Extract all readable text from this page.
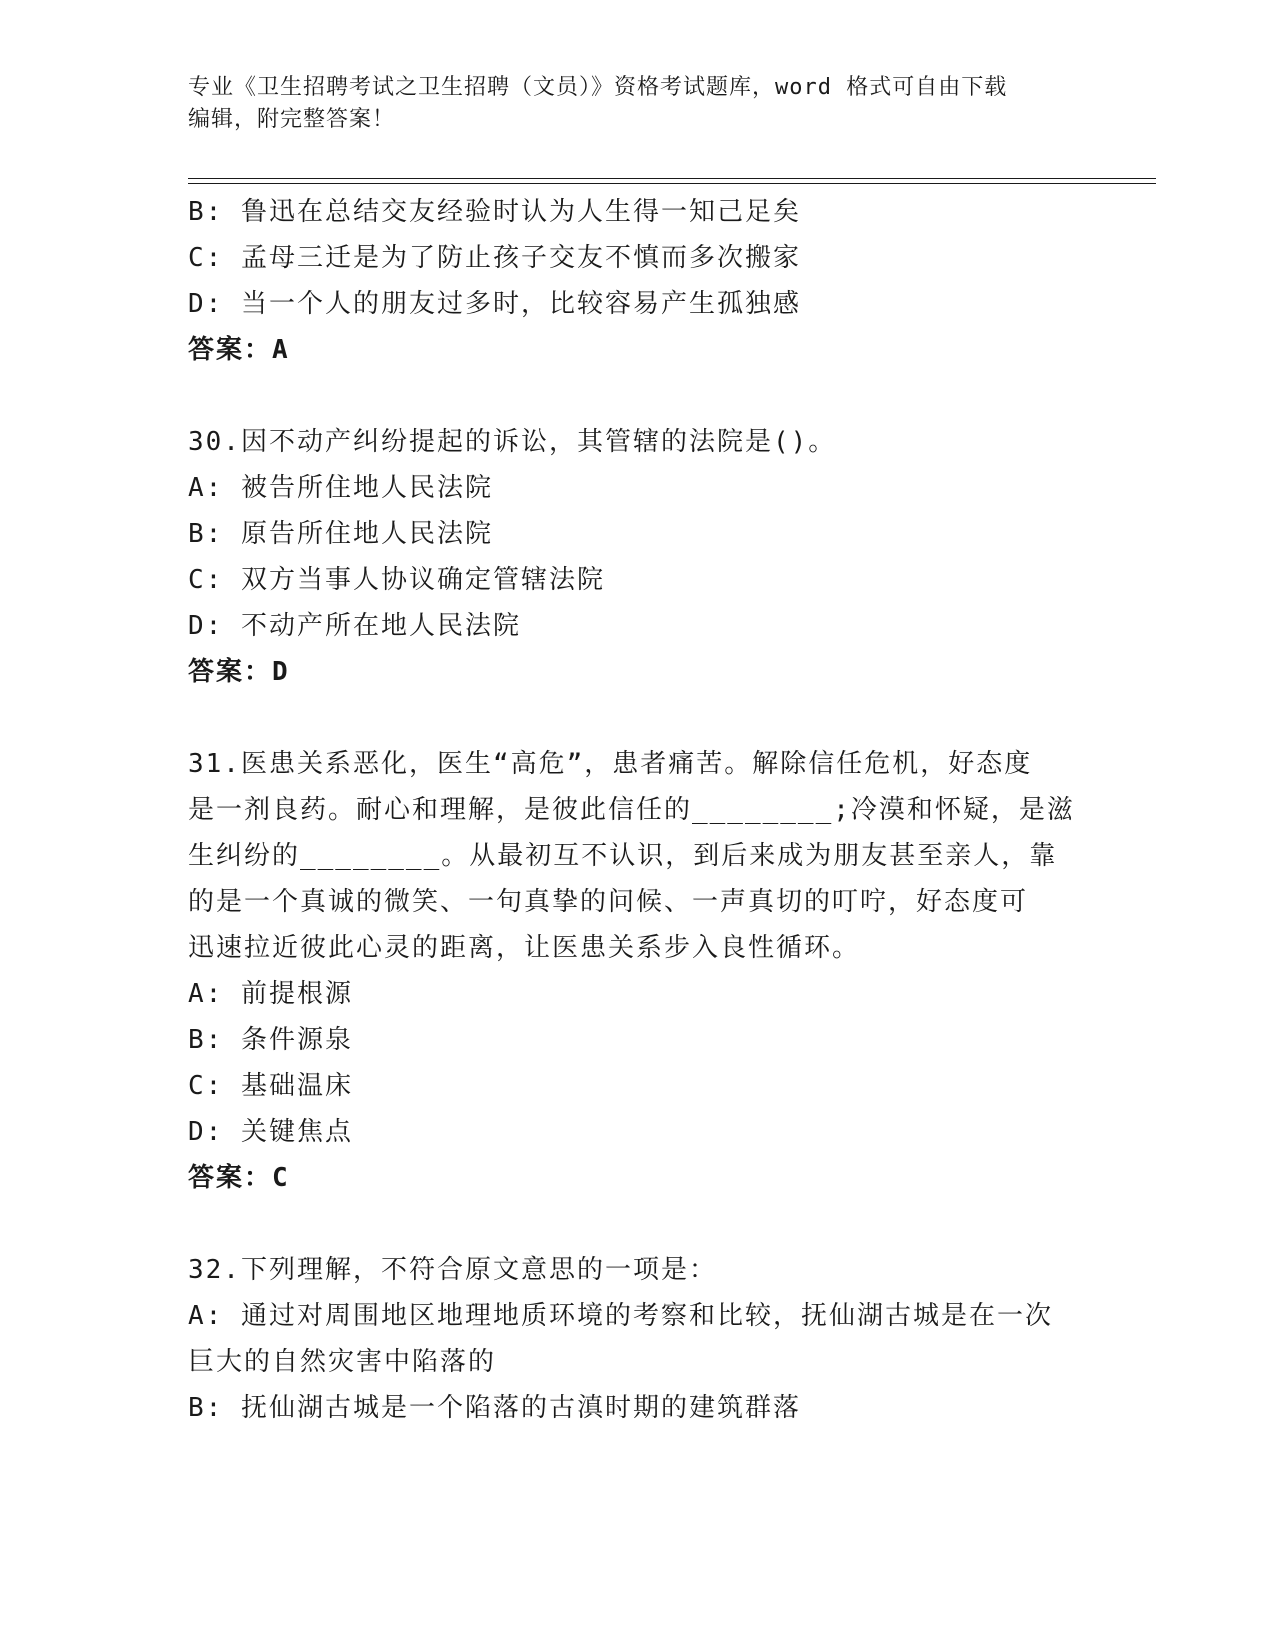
专业《卫生招聘考试之卫生招聘（文员）》资格考试题库，word 格式可自由下载
编辑，附完整答案！
B: 鲁迅在总结交友经验时认为人生得一知己足矣
C: 孟母三迁是为了防止孩子交友不慎而多次搬家
D: 当一个人的朋友过多时，比较容易产生孤独感
答案：A
30.因不动产纠纷提起的诉讼，其管辖的法院是()。
A: 被告所住地人民法院
B: 原告所住地人民法院
C: 双方当事人协议确定管辖法院
D: 不动产所在地人民法院
答案：D
31.医患关系恶化，医生“高危”，患者痛苦。解除信任危机，好态度
是一剂良药。耐心和理解，是彼此信任的________;冷漠和怀疑，是滋
生纠纷的________。从最初互不认识，到后来成为朋友甚至亲人，靠
的是一个真诚的微笑、一句真挚的问候、一声真切的叮咛，好态度可
迅速拉近彼此心灵的距离，让医患关系步入良性循环。
A: 前提根源
B: 条件源泉
C: 基础温床
D: 关键焦点
答案：C
32.下列理解，不符合原文意思的一项是：
A: 通过对周围地区地理地质环境的考察和比较，抚仙湖古城是在一次
巨大的自然灾害中陷落的
B: 抚仙湖古城是一个陷落的古滇时期的建筑群落
